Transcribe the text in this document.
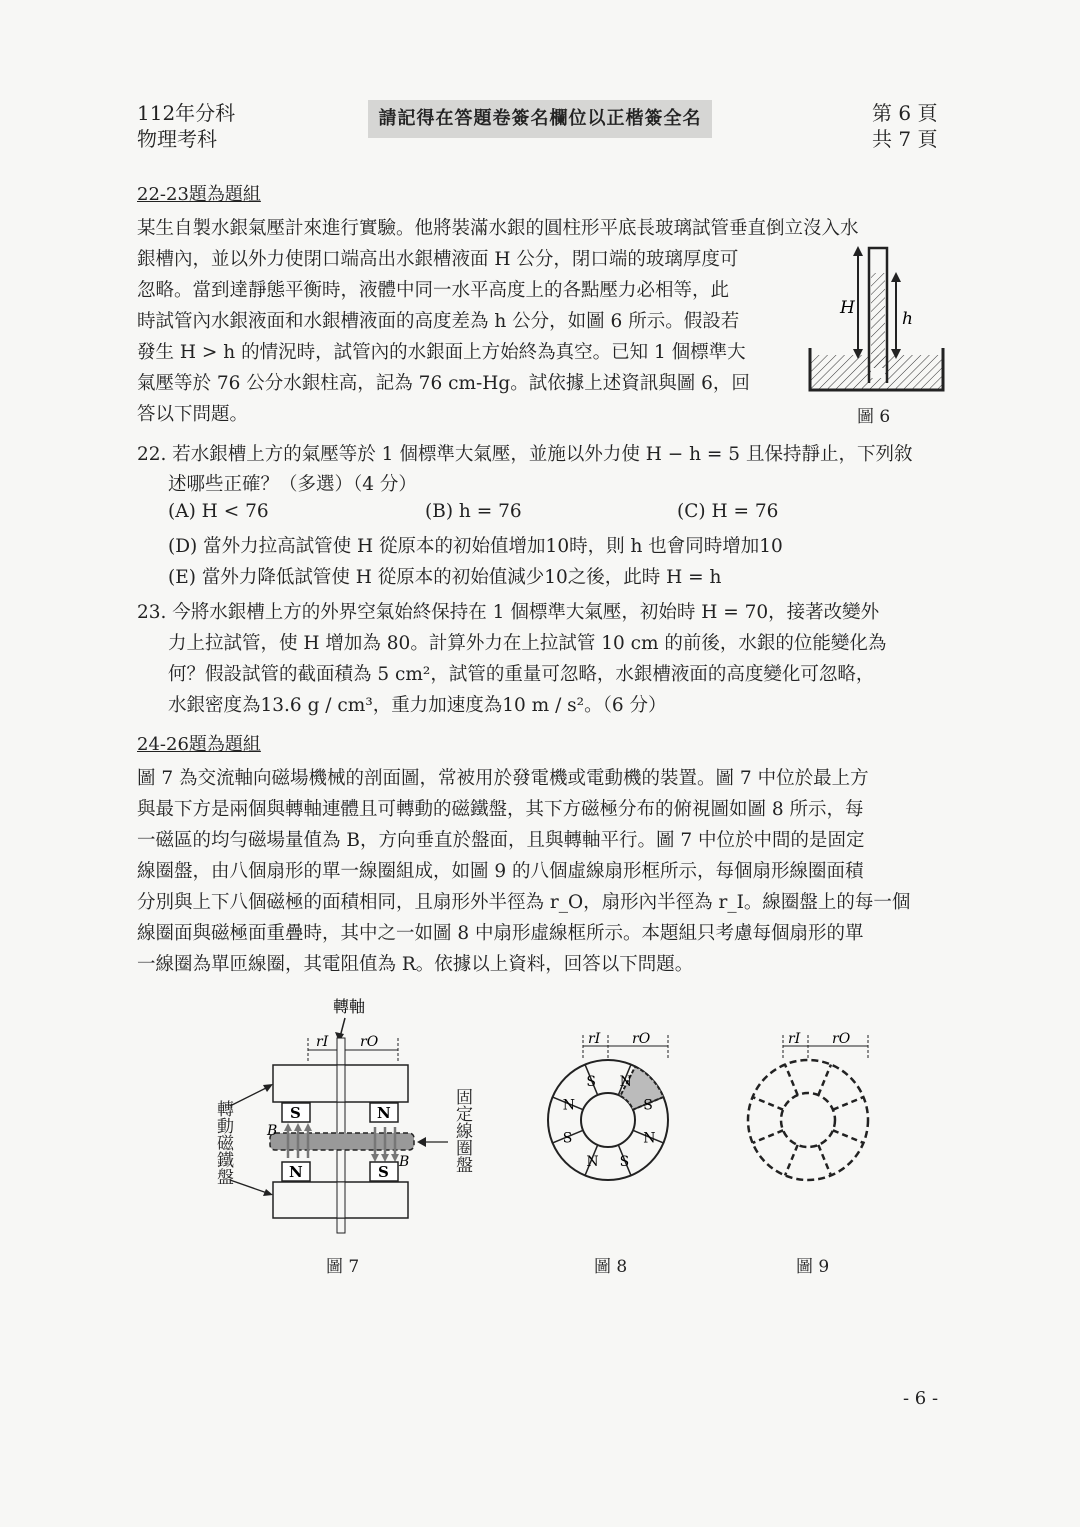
112年分科
物理考科
請記得在答題卷簽名欄位以正楷簽全名	第 6 頁
共 7 頁
22-23題為題組
某生自製水銀氣壓計來進行實驗。他將裝滿水銀的圓柱形平底長玻璃試管垂直倒立沒入水
銀槽內，並以外力使閉口端高出水銀槽液面 H 公分，閉口端的玻璃厚度可
忽略。當到達靜態平衡時，液體中同一水平高度上的各點壓力必相等，此
時試管內水銀液面和水銀槽液面的高度差為 h 公分，如圖 6 所示。假設若
發生 H > h 的情況時，試管內的水銀面上方始終為真空。已知 1 個標準大
氣壓等於 76 公分水銀柱高，記為 76 cm-Hg。試依據上述資訊與圖 6，回
答以下問題。
H
h
圖 6
22. 若水銀槽上方的氣壓等於 1 個標準大氣壓，並施以外力使 H − h = 5 且保持靜止，下列敘
述哪些正確？（多選）（4 分）
(A) H < 76	(B) h = 76	(C) H = 76
(D) 當外力拉高試管使 H 從原本的初始值增加10時，則 h 也會同時增加10
(E) 當外力降低試管使 H 從原本的初始值減少10之後，此時 H = h
23. 今將水銀槽上方的外界空氣始終保持在 1 個標準大氣壓，初始時 H = 70，接著改變外
力上拉試管，使 H 增加為 80。計算外力在上拉試管 10 cm 的前後，水銀的位能變化為
何？假設試管的截面積為 5 cm²，試管的重量可忽略，水銀槽液面的高度變化可忽略，
水銀密度為13.6 g / cm³，重力加速度為10 m / s²。（6 分）
24-26題為題組
圖 7 為交流軸向磁場機械的剖面圖，常被用於發電機或電動機的裝置。圖 7 中位於最上方
與最下方是兩個與轉軸連體且可轉動的磁鐵盤，其下方磁極分布的俯視圖如圖 8 所示，每
一磁區的均勻磁場量值為 B，方向垂直於盤面，且與轉軸平行。圖 7 中位於中間的是固定
線圈盤，由八個扇形的單一線圈組成，如圖 9 的八個虛線扇形框所示，每個扇形線圈面積
分別與上下八個磁極的面積相同，且扇形外半徑為 r_O，扇形內半徑為 r_I。線圈盤上的每一個
線圈面與磁極面重疊時，其中之一如圖 8 中扇形虛線框所示。本題組只考慮每個扇形的單
一線圈為單匝線圈，其電阻值為 R。依據以上資料，回答以下問題。
轉軸
rI rO
S	N
B
B
N	S
轉動磁鐵盤	固定線圈盤
圖 7
rI rO
S N
S
N
S
N
S
N
圖 8
rI rO
圖 9
- 6 -
